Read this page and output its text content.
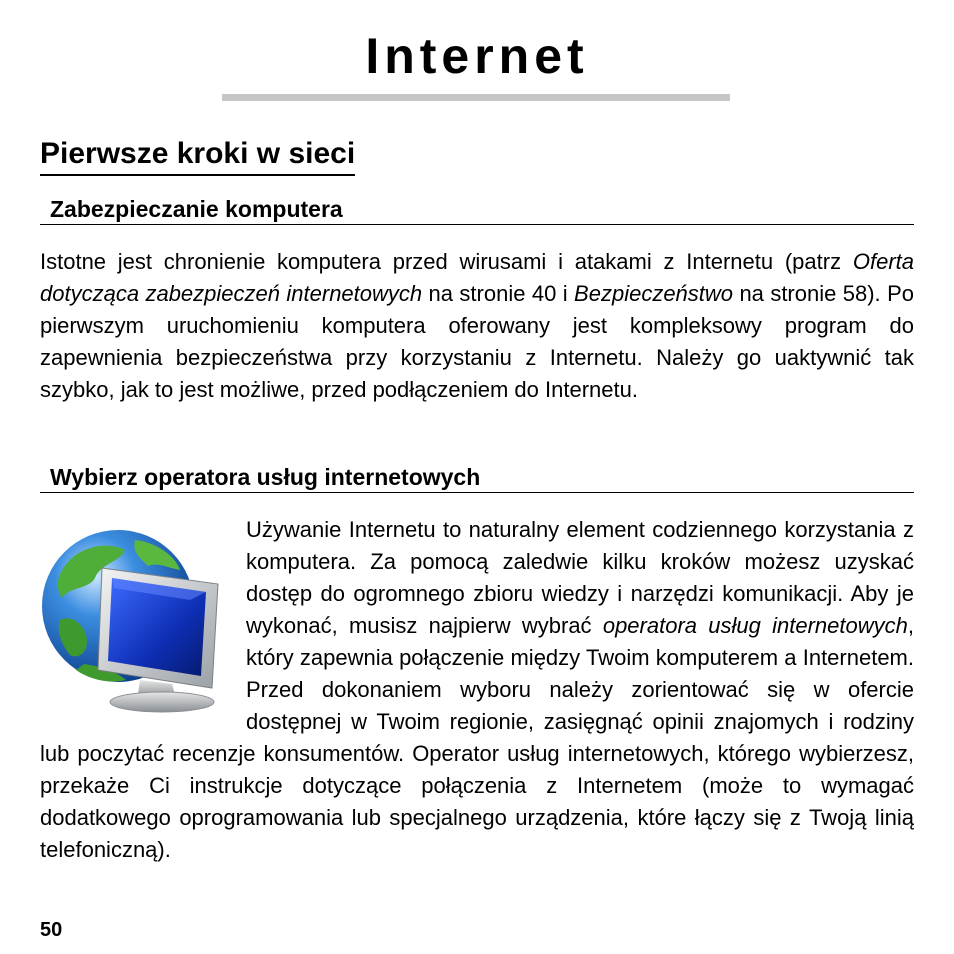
Internet
Pierwsze kroki w sieci
Zabezpieczanie komputera

Istotne jest chronienie komputera przed wirusami i atakami z Internetu (patrz Oferta dotycząca zabezpieczeń internetowych na stronie 40 i Bezpieczeństwo na stronie 58). Po pierwszym uruchomieniu komputera oferowany jest kompleksowy program do zapewnienia bezpieczeństwa przy korzystaniu z Internetu. Należy go uaktywnić tak szybko, jak to jest możliwe, przed podłączeniem do Internetu.

Wybierz operatora usług internetowych
Używanie Internetu to naturalny element codziennego korzystania z komputera. Za pomocą zaledwie kilku kroków możesz uzyskać dostęp do ogromnego zbioru wiedzy i narzędzi komunikacji. Aby je wykonać, musisz najpierw wybrać operatora usług internetowych, który zapewnia połączenie między Twoim komputerem a Internetem. Przed dokonaniem wyboru należy zorientować się w ofercie dostępnej w Twoim regionie, zasięgnąć opinii znajomych i rodziny lub poczytać recenzje konsumentów. Operator usług internetowych, którego wybierzesz, przekaże Ci instrukcje dotyczące połączenia z Internetem (może to wymagać dodatkowego oprogramowania lub specjalnego urządzenia, które łączy się z Twoją linią telefoniczną).
50
